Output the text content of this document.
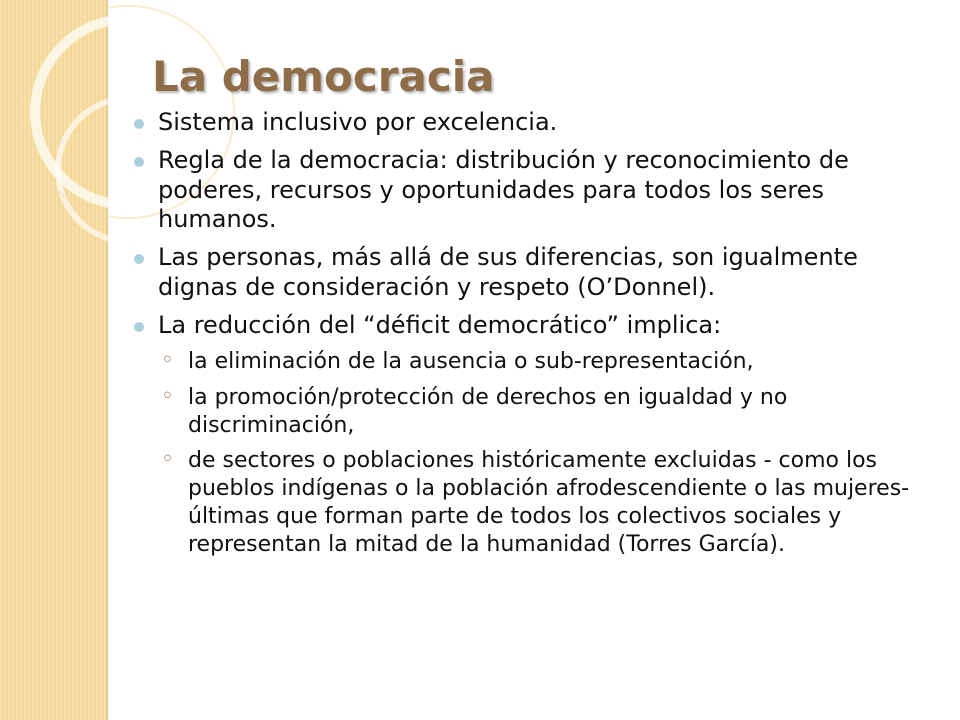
La democracia
Sistema inclusivo por excelencia.
Regla de la democracia: distribución y reconocimiento de poderes, recursos y oportunidades para todos los seres humanos.
Las personas, más allá de sus diferencias, son igualmente dignas de consideración y respeto (O’Donnel).
La reducción del “déficit democrático” implica:
◦ la eliminación de la ausencia o sub-representación,
◦ la promoción/protección de derechos en igualdad y no discriminación,
◦ de sectores o poblaciones históricamente excluidas - como los pueblos indígenas o la población afrodescendiente o las mujeres- últimas que forman parte de todos los colectivos sociales y representan la mitad de la humanidad (Torres García).
